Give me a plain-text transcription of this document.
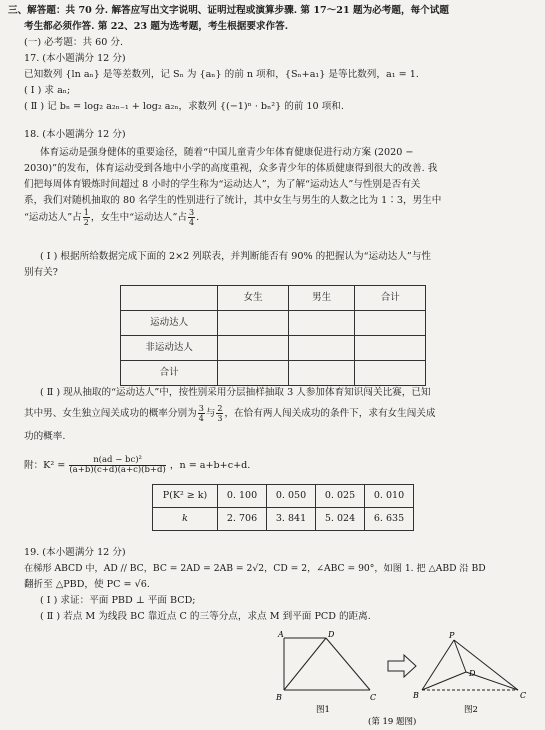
三、解答题：共 70 分. 解答应写出文字说明、证明过程或演算步骤. 第 17～21 题为必考题，每个试题
考生都必须作答. 第 22、23 题为选考题，考生根据要求作答.
(一) 必考题：共 60 分.
17. (本小题满分 12 分)
已知数列 {ln aₙ} 是等差数列，记 Sₙ 为 {aₙ} 的前 n 项和，{Sₙ+a₁} 是等比数列，a₁ = 1.
( Ⅰ ) 求 aₙ;
( Ⅱ ) 记 bₙ = log₂ a₂ₙ₋₁ + log₂ a₂ₙ，求数列 {(−1)ⁿ · bₙ²} 的前 10 项和.
18. (本小题满分 12 分)
体育运动是强身健体的重要途径，随着“中国儿童青少年体育健康促进行动方案 (2020 −
2030)”的发布，体育运动受到各地中小学的高度重视，众多青少年的体质健康得到很大的改善. 我
们把每周体育锻炼时间超过 8 小时的学生称为“运动达人”，为了解“运动达人”与性别是否有关
系，我们对随机抽取的 80 名学生的性别进行了统计，其中女生与男生的人数之比为 1∶3，男生中
“运动达人”占 $\frac{1}{2}$ ，女生中“运动达人”占 $\frac{3}{4}$ .
( Ⅰ ) 根据所给数据完成下面的 2×2 列联表，并判断能否有 90% 的把握认为“运动达人”与性
别有关?
	女生	男生	合计
运动达人			
非运动达人			
合计			
( Ⅱ ) 现从抽取的“运动达人”中，按性别采用分层抽样抽取 3 人参加体育知识闯关比赛，已知
其中男、女生独立闯关成功的概率分别为 $\frac{3}{4}$ 与 $\frac{2}{3}$ ，在恰有两人闯关成功的条件下，求有女生闯关成
功的概率.
附：$K^2 = \frac{\text{n(ad − bc)²}}{(a+b)(c+d)(a+c)(b+d)}$ ，n = a+b+c+d.
P(K² ≥ k)	0. 100	0. 050	0. 025	0. 010
k	2. 706	3. 841	5. 024	6. 635
19. (本小题满分 12 分)
在梯形 ABCD 中，AD // BC，BC = 2AD = 2AB = 2√2，CD = 2，∠ABC = 90°，如图 1. 把 △ABD 沿 BD
翻折至 △PBD，使 PC = √6.
( Ⅰ ) 求证：平面 PBD ⊥ 平面 BCD;
( Ⅱ ) 若点 M 为线段 BC 靠近点 C 的三等分点，求点 M 到平面 PCD 的距离.
A	D
B	C
图1
P
D
B	C
图2
(第 19 题图)
